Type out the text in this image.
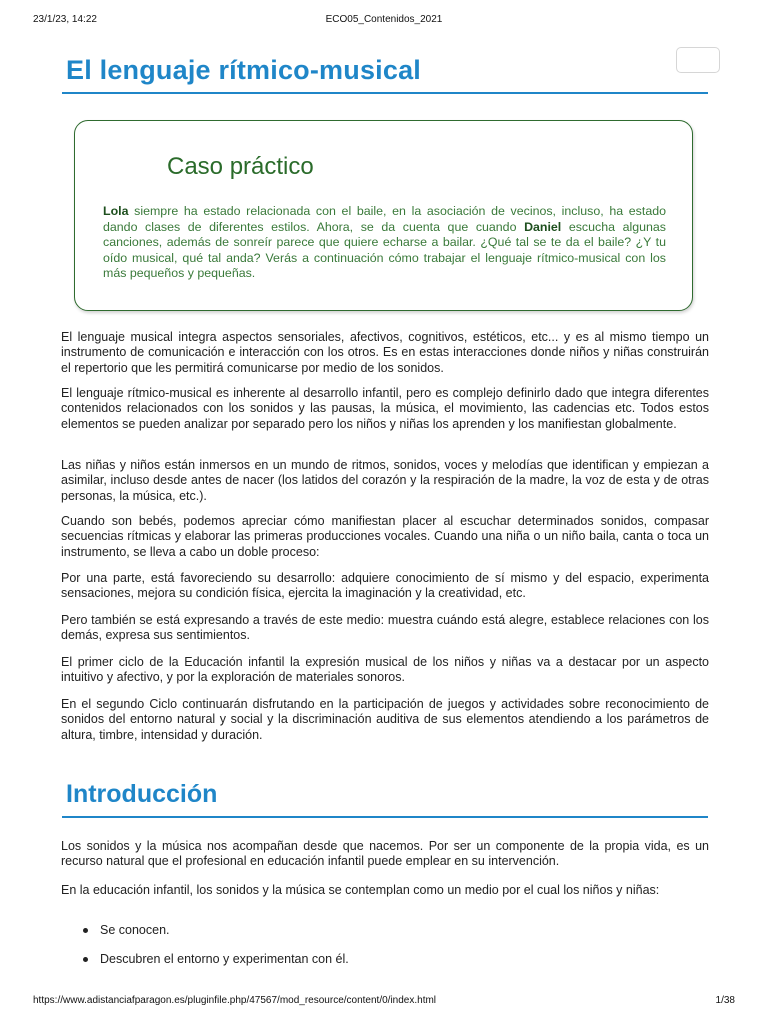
23/1/23, 14:22	ECO05_Contenidos_2021
El lenguaje rítmico-musical
Caso práctico

Lola siempre ha estado relacionada con el baile, en la asociación de vecinos, incluso, ha estado dando clases de diferentes estilos. Ahora, se da cuenta que cuando Daniel escucha algunas canciones, además de sonreír parece que quiere echarse a bailar. ¿Qué tal se te da el baile? ¿Y tu oído musical, qué tal anda? Verás a continuación cómo trabajar el lenguaje rítmico-musical con los más pequeños y pequeñas.

El lenguaje musical integra aspectos sensoriales, afectivos, cognitivos, estéticos, etc... y es al mismo tiempo un instrumento de comunicación e interacción con los otros. Es en estas interacciones donde niños y niñas construirán el repertorio que les permitirá comunicarse por medio de los sonidos.

El lenguaje rítmico-musical es inherente al desarrollo infantil, pero es complejo definirlo dado que integra diferentes contenidos relacionados con los sonidos y las pausas, la música, el movimiento, las cadencias etc. Todos estos elementos se pueden analizar por separado pero los niños y niñas los aprenden y los manifiestan globalmente.

Las niñas y niños están inmersos en un mundo de ritmos, sonidos, voces y melodías que identifican y empiezan a asimilar, incluso desde antes de nacer (los latidos del corazón y la respiración de la madre, la voz de esta y de otras personas, la música, etc.).

Cuando son bebés, podemos apreciar cómo manifiestan placer al escuchar determinados sonidos, compasar secuencias rítmicas y elaborar las primeras producciones vocales. Cuando una niña o un niño baila, canta o toca un instrumento, se lleva a cabo un doble proceso:

Por una parte, está favoreciendo su desarrollo: adquiere conocimiento de sí mismo y del espacio, experimenta sensaciones, mejora su condición física, ejercita la imaginación y la creatividad, etc.

Pero también se está expresando a través de este medio: muestra cuándo está alegre, establece relaciones con los demás, expresa sus sentimientos.

El primer ciclo de la Educación infantil la expresión musical de los niños y niñas va a destacar por un aspecto intuitivo y afectivo, y por la exploración de materiales sonoros.

En el segundo Ciclo continuarán disfrutando en la participación de juegos y actividades sobre reconocimiento de sonidos del entorno natural y social y la discriminación auditiva de sus elementos atendiendo a los parámetros de altura, timbre, intensidad y duración.

Introducción

Los sonidos y la música nos acompañan desde que nacemos. Por ser un componente de la propia vida, es un recurso natural que el profesional en educación infantil puede emplear en su intervención.

En la educación infantil, los sonidos y la música se contemplan como un medio por el cual los niños y niñas:

Se conocen.
Descubren el entorno y experimentan con él.
https://www.adistanciafparagon.es/pluginfile.php/47567/mod_resource/content/0/index.html	1/38
